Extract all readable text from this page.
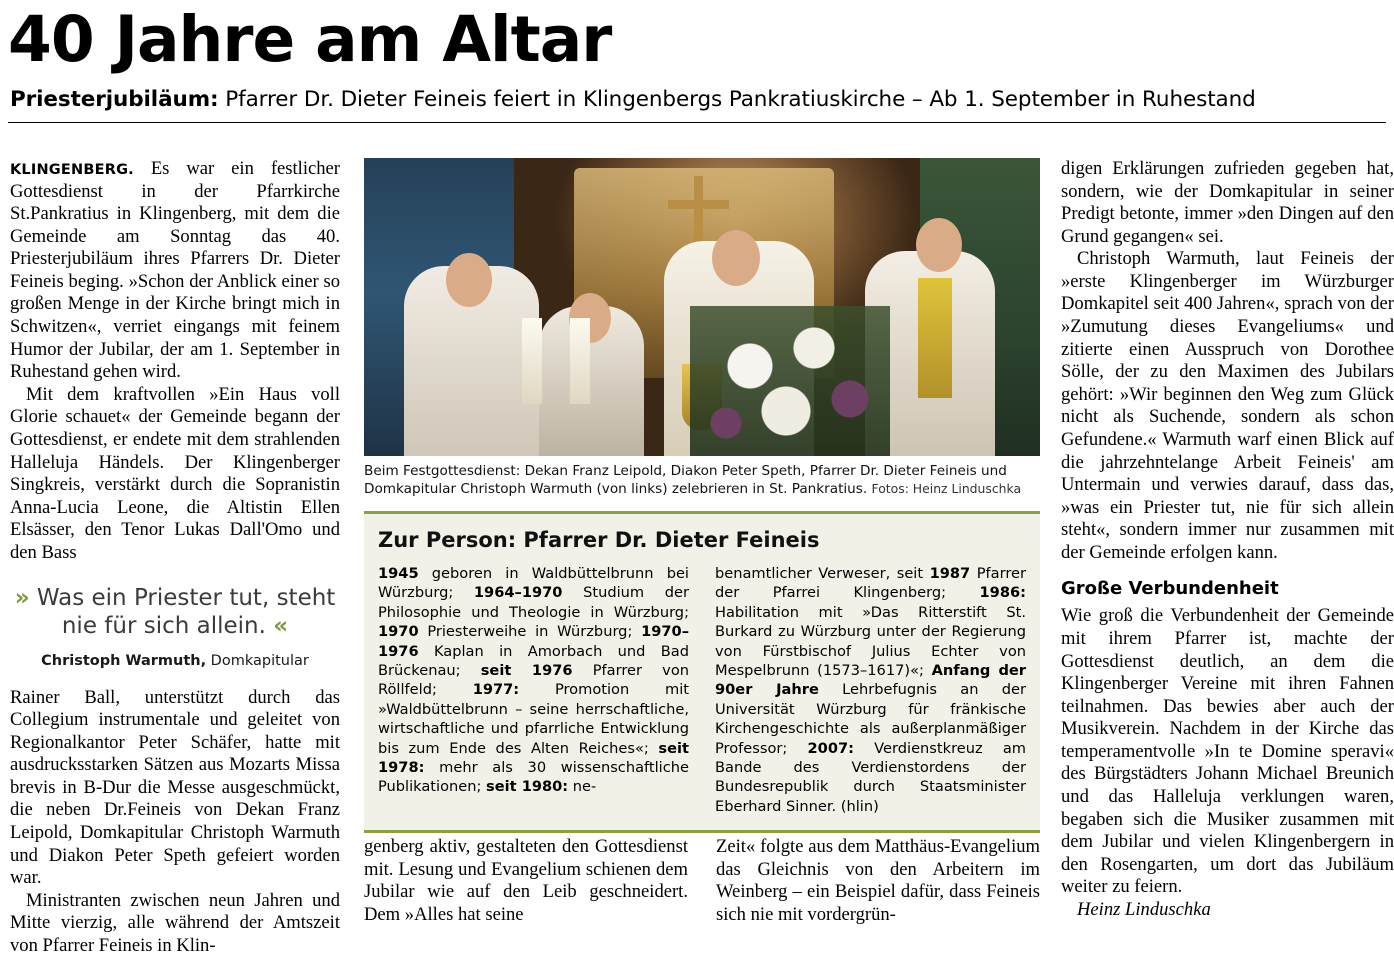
40 Jahre am Altar
Priesterjubiläum: Pfarrer Dr. Dieter Feineis feiert in Klingenbergs Pankratiuskirche – Ab 1. September in Ruhestand

KLINGENBERG. Es war ein festlicher Gottesdienst in der Pfarrkirche St.Pankratius in Klingenberg, mit dem die Gemeinde am Sonntag das 40. Priesterjubiläum ihres Pfarrers Dr. Dieter Feineis beging. »Schon der Anblick einer so großen Menge in der Kirche bringt mich in Schwitzen«, verriet eingangs mit feinem Humor der Jubilar, der am 1. September in Ruhestand gehen wird.

Mit dem kraftvollen »Ein Haus voll Glorie schauet« der Gemeinde begann der Gottesdienst, er endete mit dem strahlenden Halleluja Händels. Der Klingenberger Singkreis, verstärkt durch die Sopranistin Anna-Lucia Leone, die Altistin Ellen Elsässer, den Tenor Lukas Dall'Omo und den Bass

» Was ein Priester tut, steht nie für sich allein. «
Christoph Warmuth, Domkapitular

Rainer Ball, unterstützt durch das Collegium instrumentale und geleitet von Regionalkantor Peter Schäfer, hatte mit ausdrucksstarken Sätzen aus Mozarts Missa brevis in B-Dur die Messe ausgeschmückt, die neben Dr.Feineis von Dekan Franz Leipold, Domkapitular Christoph Warmuth und Diakon Peter Speth gefeiert worden war.

Ministranten zwischen neun Jahren und Mitte vierzig, alle während der Amtszeit von Pfarrer Feineis in Klin-

Beim Festgottesdienst: Dekan Franz Leipold, Diakon Peter Speth, Pfarrer Dr. Dieter Feineis und Domkapitular Christoph Warmuth (von links) zelebrieren in St. Pankratius. Fotos: Heinz Linduschka
Zur Person: Pfarrer Dr. Dieter Feineis
1945 geboren in Waldbüttelbrunn bei Würzburg; 1964–1970 Studium der Philosophie und Theologie in Würzburg; 1970 Priesterweihe in Würzburg; 1970–1976 Kaplan in Amorbach und Bad Brückenau; seit 1976 Pfarrer von Röllfeld; 1977: Promotion mit »Waldbüttelbrunn – seine herrschaftliche, wirtschaftliche und pfarrliche Entwicklung bis zum Ende des Alten Reiches«; seit 1978: mehr als 30 wissenschaftliche Publikationen; seit 1980: ne-
benamtlicher Verweser, seit 1987 Pfarrer der Pfarrei Klingenberg; 1986: Habilitation mit »Das Ritterstift St. Burkard zu Würzburg unter der Regierung von Fürstbischof Julius Echter von Mespelbrunn (1573–1617)«; Anfang der 90er Jahre Lehrbefugnis an der Universität Würzburg für fränkische Kirchengeschichte als außerplanmäßiger Professor; 2007: Verdienstkreuz am Bande des Verdienstordens der Bundesrepublik durch Staatsminister Eberhard Sinner. (hlin)

digen Erklärungen zufrieden gegeben hat, sondern, wie der Domkapitular in seiner Predigt betonte, immer »den Dingen auf den Grund gegangen« sei.

Christoph Warmuth, laut Feineis der »erste Klingenberger im Würzburger Domkapitel seit 400 Jahren«, sprach von der »Zumutung dieses Evangeliums« und zitierte einen Ausspruch von Dorothee Sölle, der zu den Maximen des Jubilars gehört: »Wir beginnen den Weg zum Glück nicht als Suchende, sondern als schon Gefundene.« Warmuth warf einen Blick auf die jahrzehntelange Arbeit Feineis' am Untermain und verwies darauf, dass das, »was ein Priester tut, nie für sich allein steht«, sondern immer nur zusammen mit der Gemeinde erfolgen kann.

Große Verbundenheit

Wie groß die Verbundenheit der Gemeinde mit ihrem Pfarrer ist, machte der Gottesdienst deutlich, an dem die Klingenberger Vereine mit ihren Fahnen teilnahmen. Das bewies aber auch der Musikverein. Nachdem in der Kirche das temperamentvolle »In te Domine speravi« des Bürgstädters Johann Michael Breunich und das Halleluja verklungen waren, begaben sich die Musiker zusammen mit dem Jubilar und vielen Klingenbergern in den Rosengarten, um dort das Jubiläum weiter zu feiern.

Heinz Linduschka

genberg aktiv, gestalteten den Gottesdienst mit. Lesung und Evangelium schienen dem Jubilar wie auf den Leib geschneidert. Dem »Alles hat seine

Zeit« folgte aus dem Matthäus-Evangelium das Gleichnis von den Arbeitern im Weinberg – ein Beispiel dafür, dass Feineis sich nie mit vordergrün-
